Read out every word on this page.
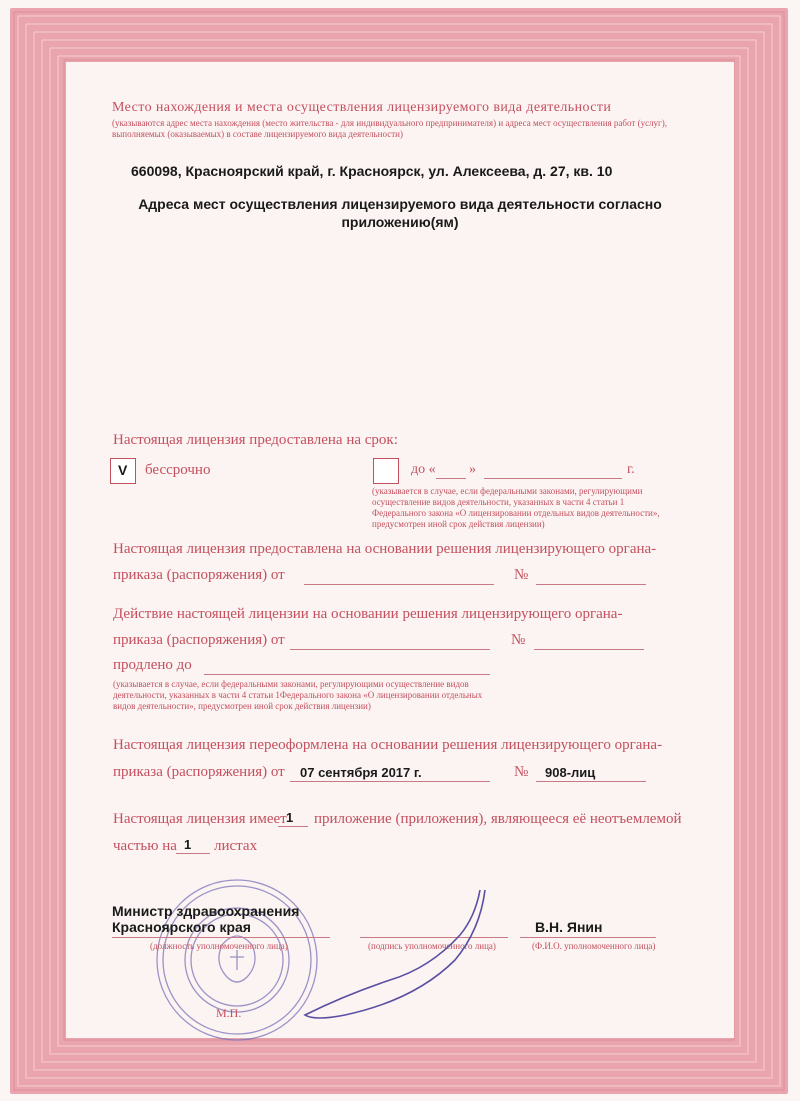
Место нахождения и места осуществления лицензируемого вида деятельности
(указываются адрес места нахождения (место жительства - для индивидуального предпринимателя) и адреса мест осуществления работ (услуг),
выполняемых (оказываемых) в составе лицензируемого вида деятельности)
660098, Красноярский край, г. Красноярск, ул. Алексеева, д. 27, кв. 10
Адреса мест осуществления лицензируемого вида деятельности согласно
приложению(ям)
Настоящая лицензия предоставлена на срок:
V бессрочно	до « »	г.
(указывается в случае, если федеральными законами, регулирующими
осуществление видов деятельности, указанных в части 4 статьи 1
Федерального закона «О лицензировании отдельных видов деятельности»,
предусмотрен иной срок действия лицензии)
Настоящая лицензия предоставлена на основании решения лицензирующего органа-
приказа (распоряжения) от	№
Действие настоящей лицензии на основании решения лицензирующего органа-
приказа (распоряжения) от	№
продлено до
(указывается в случае, если федеральными законами, регулирующими осуществление видов
деятельности, указанных в части 4 статьи 1Федерального закона «О лицензировании отдельных
видов деятельности», предусмотрен иной срок действия лицензии)
Настоящая лицензия переоформлена на основании решения лицензирующего органа-
приказа (распоряжения) от 07 сентября 2017 г.	№ 908-лиц
Настоящая лицензия имеет 1 приложение (приложения), являющееся её неотъемлемой
частью на 1 листах
Министр здравоохранения
Красноярского края
(должность уполномоченного лица)	(подпись уполномоченного лица)
В.Н. Янин
(Ф.И.О. уполномоченного лица)
М.П.
